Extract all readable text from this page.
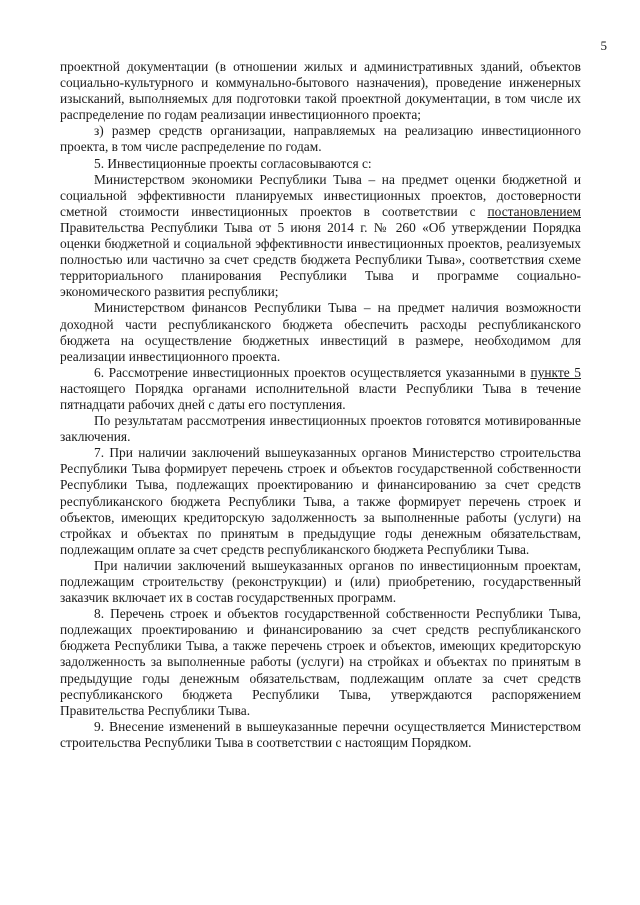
5

проектной документации (в отношении жилых и административных зданий, объектов социально-культурного и коммунально-бытового назначения), проведение инженерных изысканий, выполняемых для подготовки такой проектной документации, в том числе их распределение по годам реализации инвестиционного проекта;

з) размер средств организации, направляемых на реализацию инвестиционного проекта, в том числе распределение по годам.

5. Инвестиционные проекты согласовываются с:

Министерством экономики Республики Тыва – на предмет оценки бюджетной и социальной эффективности планируемых инвестиционных проектов, достоверности сметной стоимости инвестиционных проектов в соответствии с постановлением Правительства Республики Тыва от 5 июня 2014 г. № 260 «Об утверждении Порядка оценки бюджетной и социальной эффективности инвестиционных проектов, реализуемых полностью или частично за счет средств бюджета Республики Тыва», соответствия схеме территориального планирования Республики Тыва и программе социально-экономического развития республики;

Министерством финансов Республики Тыва – на предмет наличия возможности доходной части республиканского бюджета обеспечить расходы республиканского бюджета на осуществление бюджетных инвестиций в размере, необходимом для реализации инвестиционного проекта.

6. Рассмотрение инвестиционных проектов осуществляется указанными в пункте 5 настоящего Порядка органами исполнительной власти Республики Тыва в течение пятнадцати рабочих дней с даты его поступления.

По результатам рассмотрения инвестиционных проектов готовятся мотивированные заключения.

7. При наличии заключений вышеуказанных органов Министерство строительства Республики Тыва формирует перечень строек и объектов государственной собственности Республики Тыва, подлежащих проектированию и финансированию за счет средств республиканского бюджета Республики Тыва, а также формирует перечень строек и объектов, имеющих кредиторскую задолженность за выполненные работы (услуги) на стройках и объектах по принятым в предыдущие годы денежным обязательствам, подлежащим оплате за счет средств республиканского бюджета Республики Тыва.

При наличии заключений вышеуказанных органов по инвестиционным проектам, подлежащим строительству (реконструкции) и (или) приобретению, государственный заказчик включает их в состав государственных программ.

8. Перечень строек и объектов государственной собственности Республики Тыва, подлежащих проектированию и финансированию за счет средств республиканского бюджета Республики Тыва, а также перечень строек и объектов, имеющих кредиторскую задолженность за выполненные работы (услуги) на стройках и объектах по принятым в предыдущие годы денежным обязательствам, подлежащим оплате за счет средств республиканского бюджета Республики Тыва, утверждаются распоряжением Правительства Республики Тыва.

9. Внесение изменений в вышеуказанные перечни осуществляется Министерством строительства Республики Тыва в соответствии с настоящим Порядком.
